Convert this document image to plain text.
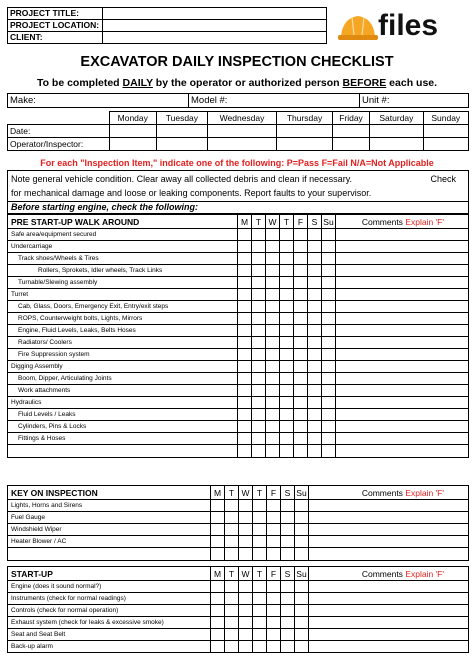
PROJECT TITLE:	
PROJECT LOCATION:	
CLIENT:		files
EXCAVATOR DAILY INSPECTION CHECKLIST
To be completed DAILY by the operator or authorized person BEFORE each use.
Make:	Model #:	Unit #:
	Monday	Tuesday	Wednesday	Thursday	Friday	Saturday	Sunday
Date:							
Operator/Inspector:							
For each "Inspection Item," indicate one of the following: P=Pass F=Fail N/A=Not Applicable
Note general vehicle condition. Clear away all collected debris and clean if necessary.	Check
for mechanical damage and loose or leaking components. Report faults to your supervisor.
Before starting engine, check the following:
PRE START-UP WALK AROUND	M	T	W	T	F	S	Su	Comments Explain 'F'
Safe area/equipment secured								
Undercarriage								
Track shoes/Wheels & Tires								
Rollers, Sprokets, Idler wheels, Track Links								
Turnable/Slewing assembly								
Turret								
Cab, Glass, Doors, Emergency Exit, Entry/exit steps								
ROPS, Counterweight bolts, Lights, Mirrors								
Engine, Fluid Levels, Leaks, Belts Hoses								
Radiators/ Coolers								
Fire Suppression system								
Digging Assembly								
Boom, Dipper, Articulating Joints								
Work attachments								
Hydraulics								
Fluid Levels / Leaks								
Cylinders, Pins & Locks								
Fittings & Hoses								

KEY ON INSPECTION	M	T	W	T	F	S	Su	Comments Explain 'F'
Lights, Horns and Sirens								
Fuel Gauge								
Windshield Wiper								
Heater Blower / AC								

START-UP	M	T	W	T	F	S	Su	Comments Explain 'F'
Engine (does it sound normal?)								
Instruments (check for normal readings)								
Controls (check for normal operation)								
Exhaust system (check for leaks & excessive smoke)								
Seat and Seat Belt								
Back-up alarm								
